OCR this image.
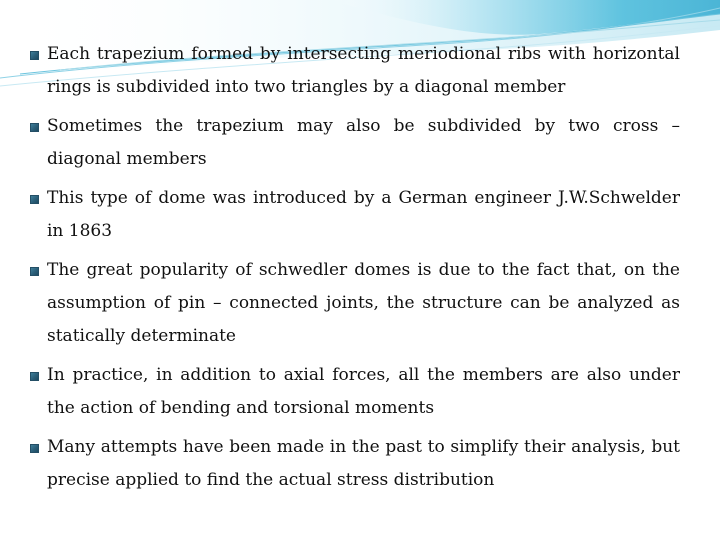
Each trapezium formed by intersecting meriodional ribs with horizontal rings is subdivided into two triangles by a diagonal member
Sometimes the trapezium may also be subdivided by two cross – diagonal members
This type of dome was introduced by a German engineer J.W.Schwelder in 1863
The great popularity of schwedler domes is due to the fact that, on the assumption of pin – connected joints, the structure can be analyzed as statically determinate
In practice, in addition to axial forces, all the members are also under the action of bending and torsional moments
Many attempts have been made in the past to simplify their analysis, but precise applied to find the actual stress distribution
